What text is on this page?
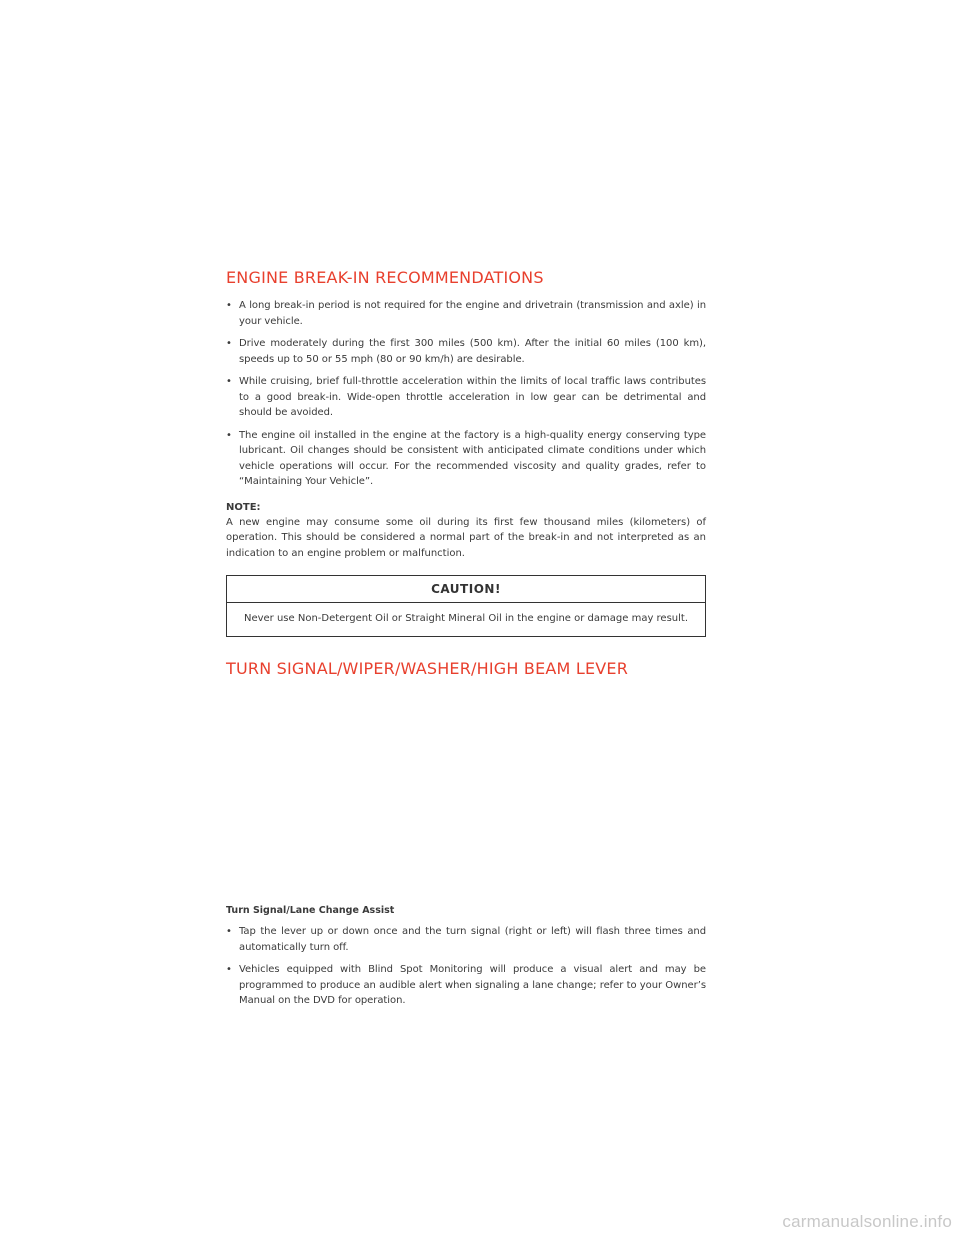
ENGINE BREAK-IN RECOMMENDATIONS
• A long break-in period is not required for the engine and drivetrain (transmission and axle) in your vehicle.
• Drive moderately during the first 300 miles (500 km). After the initial 60 miles (100 km), speeds up to 50 or 55 mph (80 or 90 km/h) are desirable.
• While cruising, brief full-throttle acceleration within the limits of local traffic laws contributes to a good break-in. Wide-open throttle acceleration in low gear can be detrimental and should be avoided.
• The engine oil installed in the engine at the factory is a high-quality energy conserving type lubricant. Oil changes should be consistent with anticipated climate conditions under which vehicle operations will occur. For the recommended viscosity and quality grades, refer to “Maintaining Your Vehicle”.
NOTE:

A new engine may consume some oil during its first few thousand miles (kilometers) of operation. This should be considered a normal part of the break-in and not interpreted as an indication to an engine problem or malfunction.

CAUTION!
Never use Non-Detergent Oil or Straight Mineral Oil in the engine or damage may result.
TURN SIGNAL/WIPER/WASHER/HIGH BEAM LEVER
Turn Signal/Lane Change Assist
• Tap the lever up or down once and the turn signal (right or left) will flash three times and automatically turn off.
• Vehicles equipped with Blind Spot Monitoring will produce a visual alert and may be programmed to produce an audible alert when signaling a lane change; refer to your Owner’s Manual on the DVD for operation.
carmanualsonline.info
